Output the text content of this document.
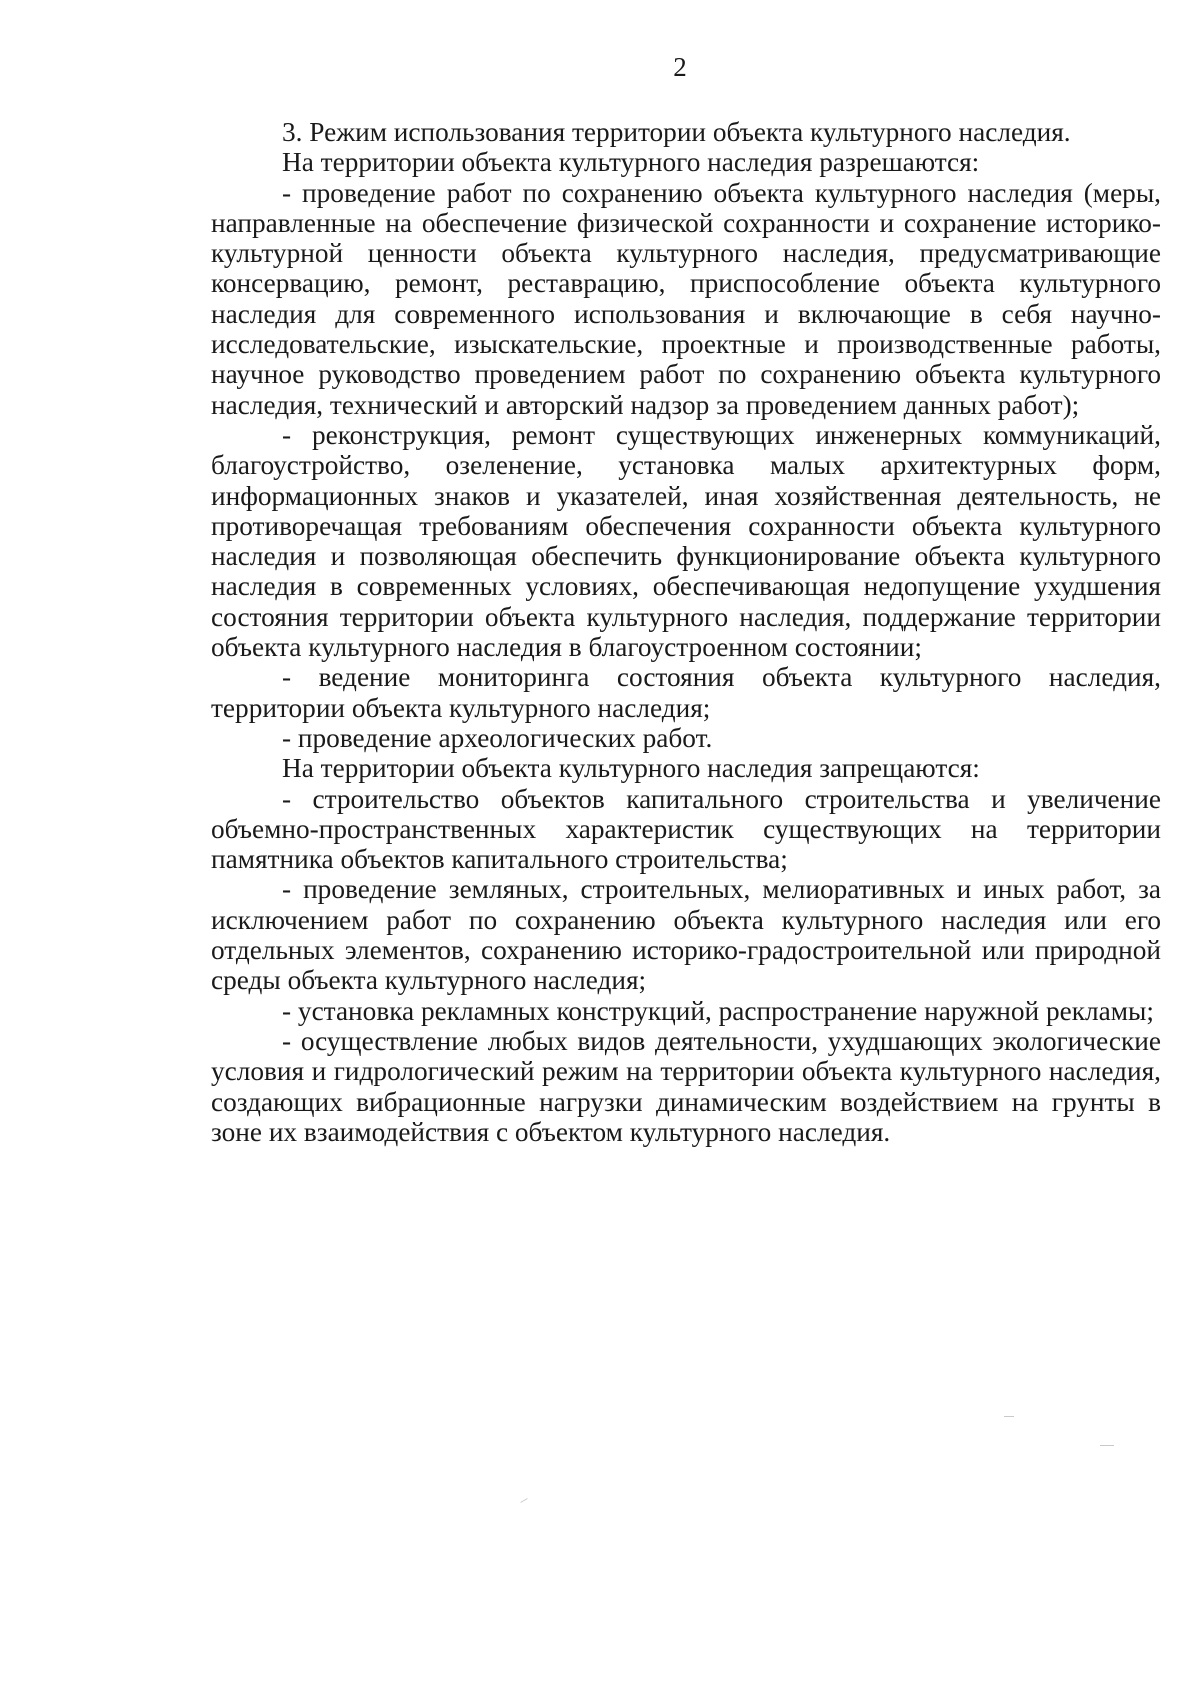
2

3. Режим использования территории объекта культурного наследия.

На территории объекта культурного наследия разрешаются:

- проведение работ по сохранению объекта культурного наследия (меры, направленные на обеспечение физической сохранности и сохранение историко-культурной ценности объекта культурного наследия, предусматривающие консервацию, ремонт, реставрацию, приспособление объекта культурного наследия для современного использования и включающие в себя научно-исследовательские, изыскательские, проектные и производственные работы, научное руководство проведением работ по сохранению объекта культурного наследия, технический и авторский надзор за проведением данных работ);

- реконструкция, ремонт существующих инженерных коммуникаций, благоустройство, озеленение, установка малых архитектурных форм, информационных знаков и указателей, иная хозяйственная деятельность, не противоречащая требованиям обеспечения сохранности объекта культурного наследия и позволяющая обеспечить функционирование объекта культурного наследия в современных условиях, обеспечивающая недопущение ухудшения состояния территории объекта культурного наследия, поддержание территории объекта культурного наследия в благоустроенном состоянии;

- ведение мониторинга состояния объекта культурного наследия, территории объекта культурного наследия;

- проведение археологических работ.

На территории объекта культурного наследия запрещаются:

- строительство объектов капитального строительства и увеличение объемно-пространственных характеристик существующих на территории памятника объектов капитального строительства;

- проведение земляных, строительных, мелиоративных и иных работ, за исключением работ по сохранению объекта культурного наследия или его отдельных элементов, сохранению историко-градостроительной или природной среды объекта культурного наследия;

- установка рекламных конструкций, распространение наружной рекламы;

- осуществление любых видов деятельности, ухудшающих экологические условия и гидрологический режим на территории объекта культурного наследия, создающих вибрационные нагрузки динамическим воздействием на грунты в зоне их взаимодействия с объектом культурного наследия.
